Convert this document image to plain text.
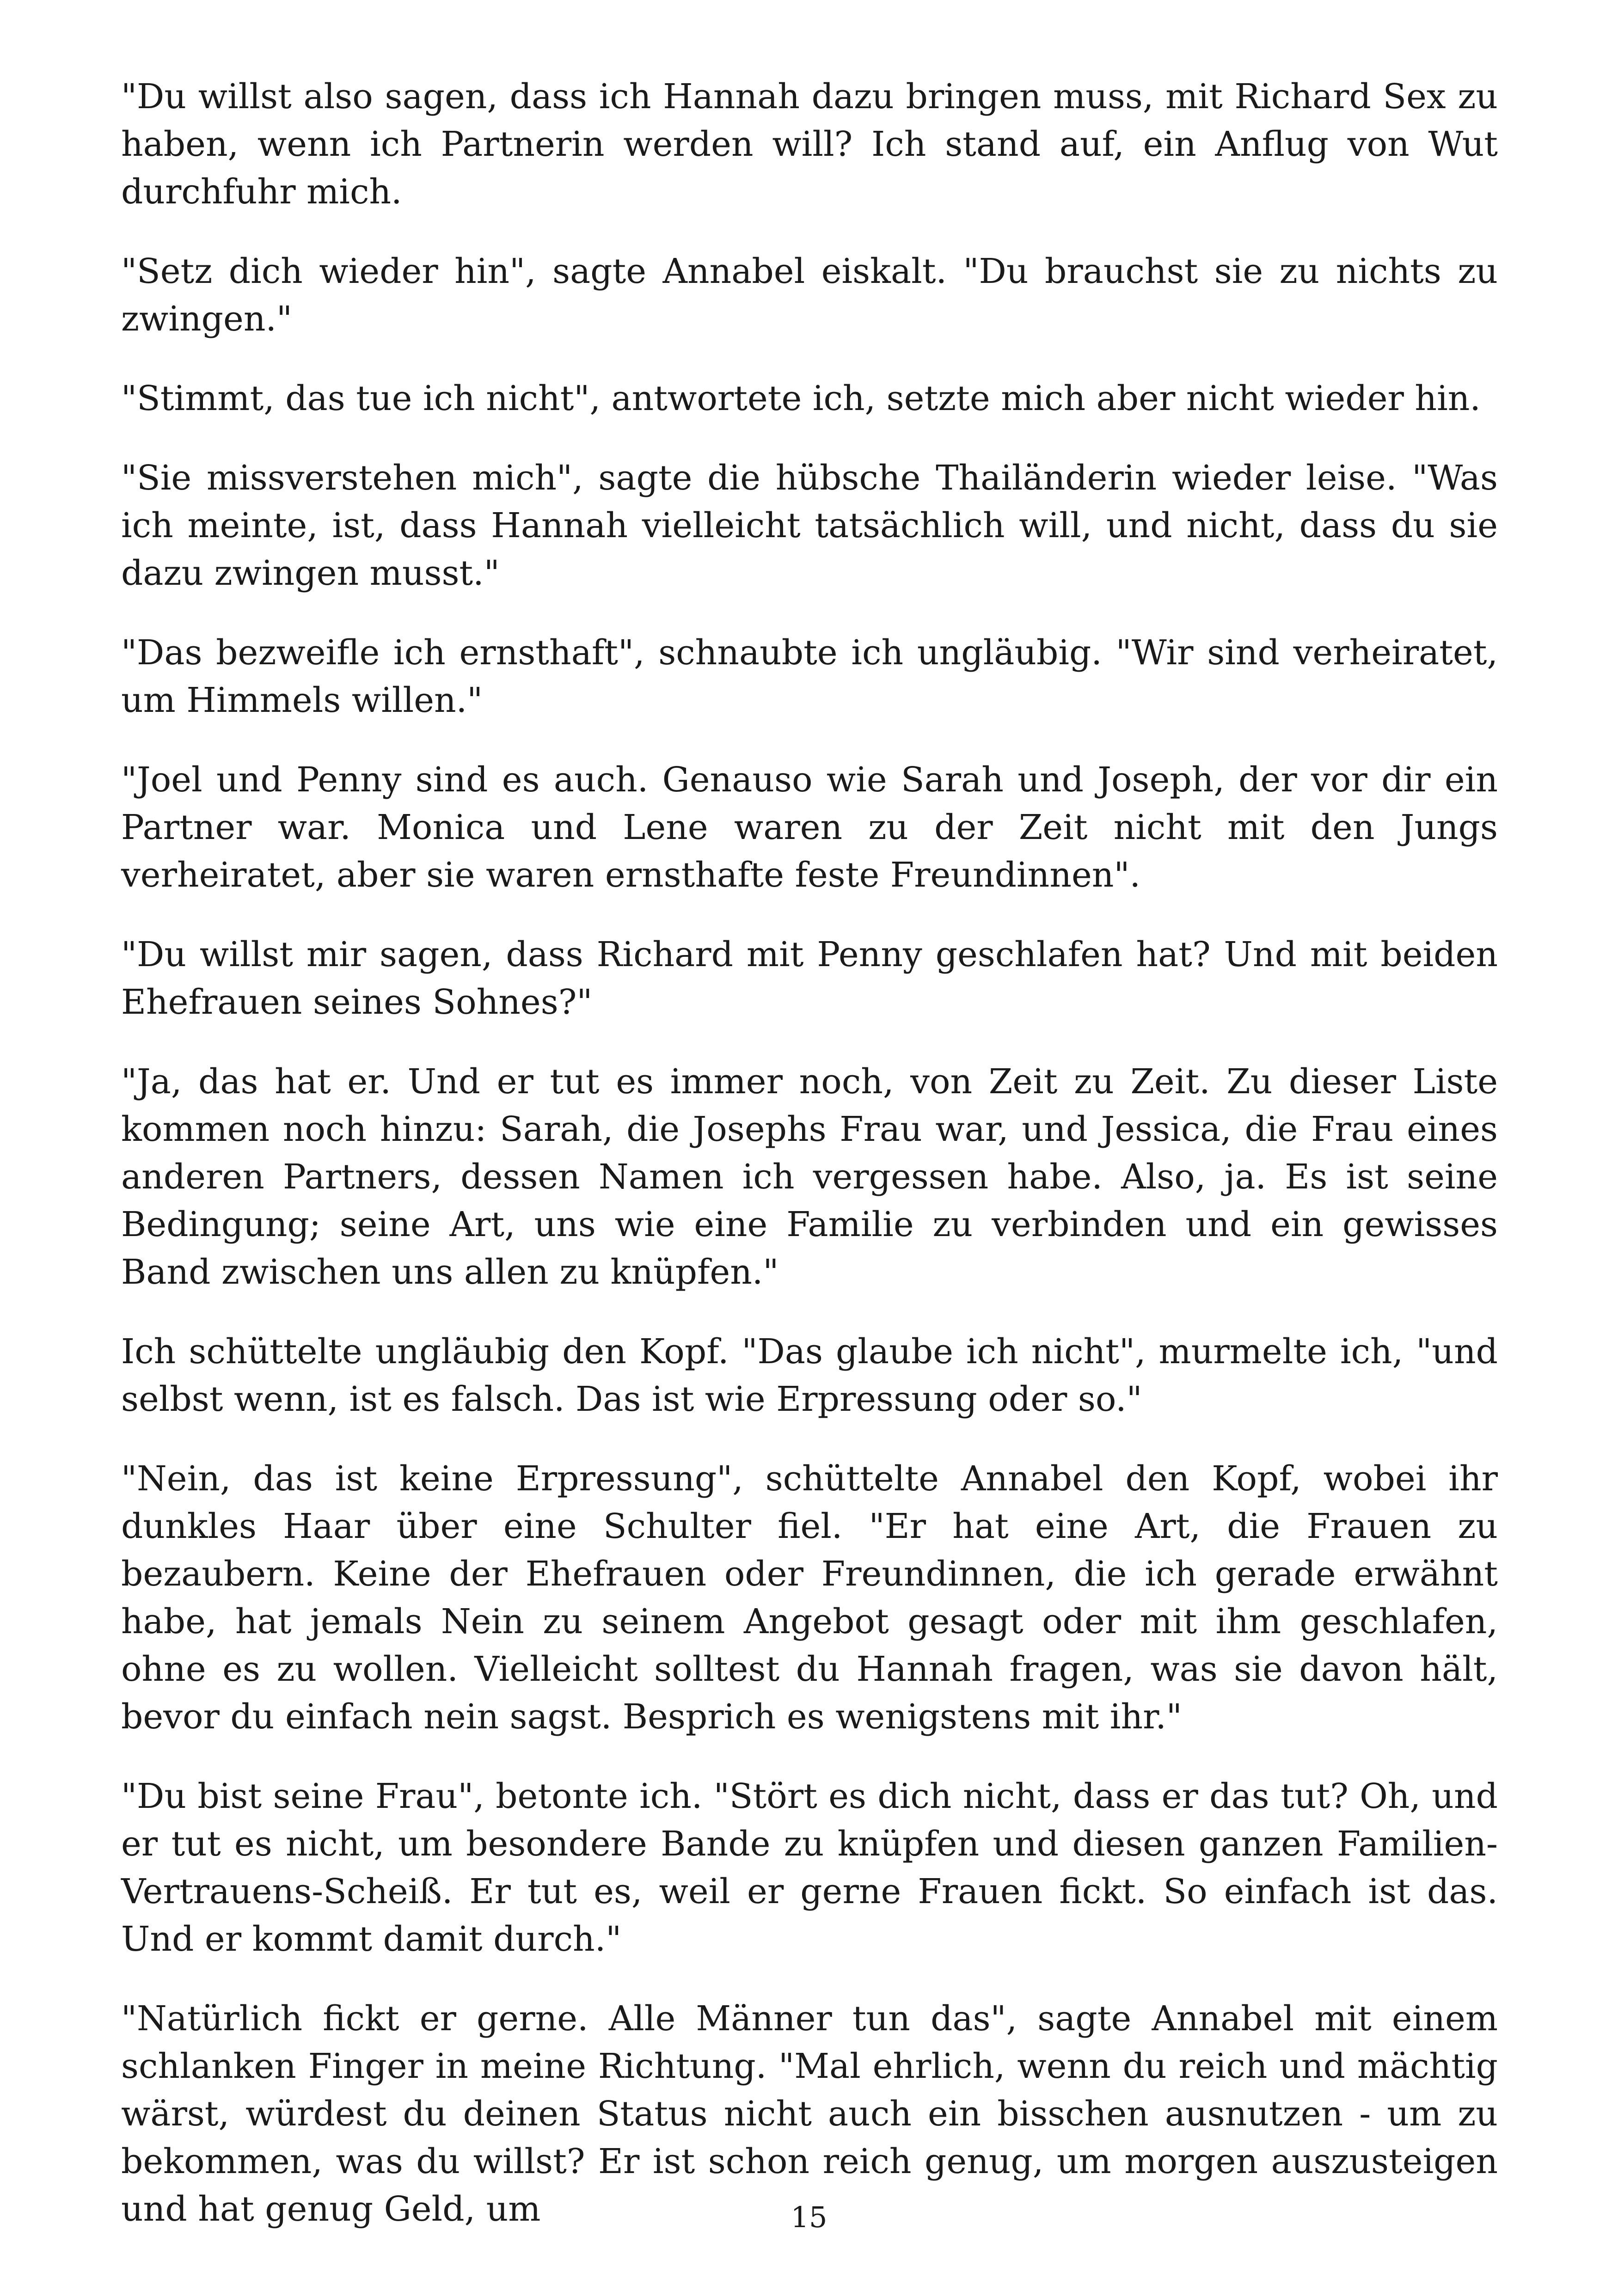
"Du willst also sagen, dass ich Hannah dazu bringen muss, mit Richard Sex zu haben, wenn ich Partnerin werden will? Ich stand auf, ein Anflug von Wut durchfuhr mich.

"Setz dich wieder hin", sagte Annabel eiskalt. "Du brauchst sie zu nichts zu zwingen."

"Stimmt, das tue ich nicht", antwortete ich, setzte mich aber nicht wieder hin.

"Sie missverstehen mich", sagte die hübsche Thailänderin wieder leise. "Was ich meinte, ist, dass Hannah vielleicht tatsächlich will, und nicht, dass du sie dazu zwingen musst."

"Das bezweifle ich ernsthaft", schnaubte ich ungläubig. "Wir sind verheiratet, um Himmels willen."

"Joel und Penny sind es auch. Genauso wie Sarah und Joseph, der vor dir ein Partner war. Monica und Lene waren zu der Zeit nicht mit den Jungs verheiratet, aber sie waren ernsthafte feste Freundinnen".

"Du willst mir sagen, dass Richard mit Penny geschlafen hat? Und mit beiden Ehefrauen seines Sohnes?"

"Ja, das hat er. Und er tut es immer noch, von Zeit zu Zeit. Zu dieser Liste kommen noch hinzu: Sarah, die Josephs Frau war, und Jessica, die Frau eines anderen Partners, dessen Namen ich vergessen habe. Also, ja. Es ist seine Bedingung; seine Art, uns wie eine Familie zu verbinden und ein gewisses Band zwischen uns allen zu knüpfen."

Ich schüttelte ungläubig den Kopf. "Das glaube ich nicht", murmelte ich, "und selbst wenn, ist es falsch. Das ist wie Erpressung oder so."

"Nein, das ist keine Erpressung", schüttelte Annabel den Kopf, wobei ihr dunkles Haar über eine Schulter fiel. "Er hat eine Art, die Frauen zu bezaubern. Keine der Ehefrauen oder Freundinnen, die ich gerade erwähnt habe, hat jemals Nein zu seinem Angebot gesagt oder mit ihm geschlafen, ohne es zu wollen. Vielleicht solltest du Hannah fragen, was sie davon hält, bevor du einfach nein sagst. Besprich es wenigstens mit ihr."

"Du bist seine Frau", betonte ich. "Stört es dich nicht, dass er das tut? Oh, und er tut es nicht, um besondere Bande zu knüpfen und diesen ganzen Familien-Vertrauens-Scheiß. Er tut es, weil er gerne Frauen fickt. So einfach ist das. Und er kommt damit durch."

"Natürlich fickt er gerne. Alle Männer tun das", sagte Annabel mit einem schlanken Finger in meine Richtung. "Mal ehrlich, wenn du reich und mächtig wärst, würdest du deinen Status nicht auch ein bisschen ausnutzen - um zu bekommen, was du willst? Er ist schon reich genug, um morgen auszusteigen und hat genug Geld, um	15
